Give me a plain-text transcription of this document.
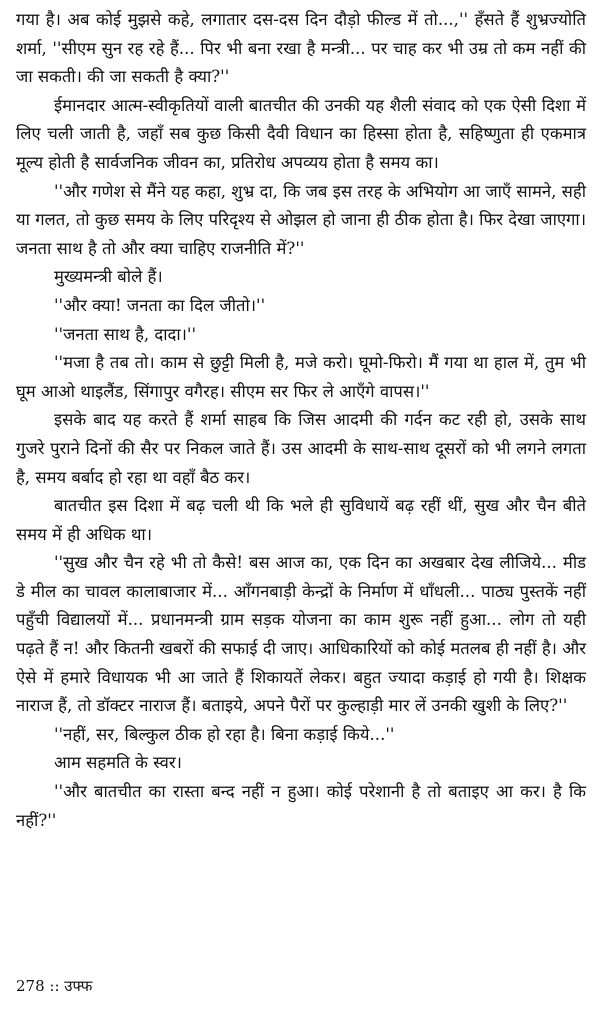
गया है। अब कोई मुझसे कहे, लगातार दस-दस दिन दौड़ो फील्ड में तो...,'' हँसते हैं शुभ्रज्योति शर्मा, ''सीएम सुन रह रहे हैं... पिर भी बना रखा है मन्त्री... पर चाह कर भी उम्र तो कम नहीं की जा सकती। की जा सकती है क्या?''

ईमानदार आत्म-स्वीकृतियों वाली बातचीत की उनकी यह शैली संवाद को एक ऐसी दिशा में लिए चली जाती है, जहाँ सब कुछ किसी दैवी विधान का हिस्सा होता है, सहिष्णुता ही एकमात्र मूल्य होती है सार्वजनिक जीवन का, प्रतिरोध अपव्यय होता है समय का।

''और गणेश से मैंने यह कहा, शुभ्र दा, कि जब इस तरह के अभियोग आ जाएँ सामने, सही या गलत, तो कुछ समय के लिए परिदृश्य से ओझल हो जाना ही ठीक होता है। फिर देखा जाएगा। जनता साथ है तो और क्या चाहिए राजनीति में?''

मुख्यमन्त्री बोले हैं।

''और क्या! जनता का दिल जीतो।''

''जनता साथ है, दादा।''

''मजा है तब तो। काम से छुट्टी मिली है, मजे करो। घूमो-फिरो। मैं गया था हाल में, तुम भी घूम आओ थाइलैंड, सिंगापुर वगैरह। सीएम सर फिर ले आएँगे वापस।''

इसके बाद यह करते हैं शर्मा साहब कि जिस आदमी की गर्दन कट रही हो, उसके साथ गुजरे पुराने दिनों की सैर पर निकल जाते हैं। उस आदमी के साथ-साथ दूसरों को भी लगने लगता है, समय बर्बाद हो रहा था वहाँ बैठ कर।

बातचीत इस दिशा में बढ़ चली थी कि भले ही सुविधायें बढ़ रहीं थीं, सुख और चैन बीते समय में ही अधिक था।

''सुख और चैन रहे भी तो कैसे! बस आज का, एक दिन का अखबार देख लीजिये... मीड डे मील का चावल कालाबाजार में... आँगनबाड़ी केन्द्रों के निर्माण में धाँधली... पाठ्य पुस्तकें नहीं पहुँची विद्यालयों में... प्रधानमन्त्री ग्राम सड़क योजना का काम शुरू नहीं हुआ... लोग तो यही पढ़ते हैं न! और कितनी खबरों की सफाई दी जाए। आधिकारियों को कोई मतलब ही नहीं है। और ऐसे में हमारे विधायक भी आ जाते हैं शिकायतें लेकर। बहुत ज्यादा कड़ाई हो गयी है। शिक्षक नाराज हैं, तो डॉक्टर नाराज हैं। बताइये, अपने पैरों पर कुल्हाड़ी मार लें उनकी खुशी के लिए?''

''नहीं, सर, बिल्कुल ठीक हो रहा है। बिना कड़ाई किये...''

आम सहमति के स्वर।

''और बातचीत का रास्ता बन्द नहीं न हुआ। कोई परेशानी है तो बताइए आ कर। है कि नहीं?''

278 :: उफ्फ
